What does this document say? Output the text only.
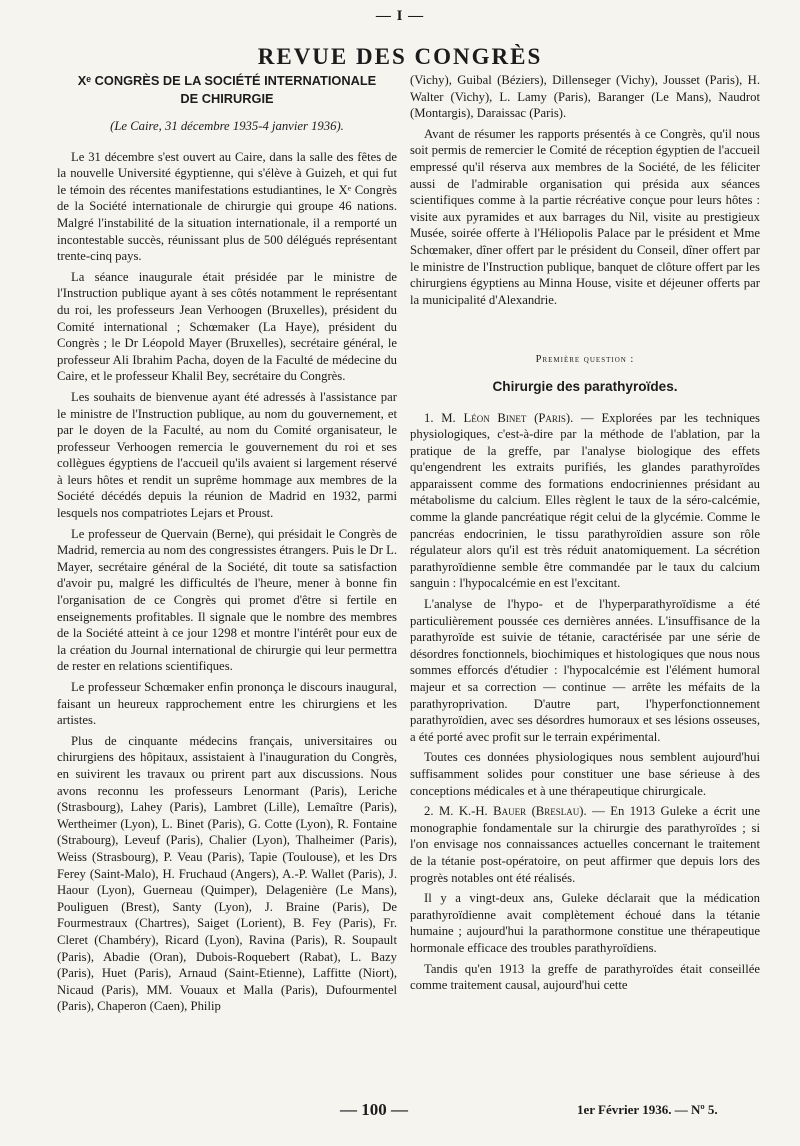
— I —
REVUE DES CONGRÈS
Xᵉ CONGRÈS DE LA SOCIÉTÉ INTERNATIONALE
DE CHIRURGIE
(Le Caire, 31 décembre 1935-4 janvier 1936).

Le 31 décembre s'est ouvert au Caire, dans la salle des fêtes de la nouvelle Université égyptienne, qui s'élève à Guizeh, et qui fut le témoin des récentes manifestations estudiantines, le Xᵉ Congrès de la Société internationale de chirurgie qui groupe 46 nations. Malgré l'instabilité de la situation internationale, il a remporté un incontestable succès, réunissant plus de 500 délégués représentant trente-cinq pays.

La séance inaugurale était présidée par le ministre de l'Instruction publique ayant à ses côtés notamment le représentant du roi, les professeurs Jean Verhoogen (Bruxelles), président du Comité international ; Schœmaker (La Haye), président du Congrès ; le Dr Léopold Mayer (Bruxelles), secrétaire général, le professeur Ali Ibrahim Pacha, doyen de la Faculté de médecine du Caire, et le professeur Khalil Bey, secrétaire du Congrès.

Les souhaits de bienvenue ayant été adressés à l'assistance par le ministre de l'Instruction publique, au nom du gouvernement, et par le doyen de la Faculté, au nom du Comité organisateur, le professeur Verhoogen remercia le gouvernement du roi et ses collègues égyptiens de l'accueil qu'ils avaient si largement réservé à leurs hôtes et rendit un suprême hommage aux membres de la Société décédés depuis la réunion de Madrid en 1932, parmi lesquels nos compatriotes Lejars et Proust.

Le professeur de Quervain (Berne), qui présidait le Congrès de Madrid, remercia au nom des congressistes étrangers. Puis le Dr L. Mayer, secrétaire général de la Société, dit toute sa satisfaction d'avoir pu, malgré les difficultés de l'heure, mener à bonne fin l'organisation de ce Congrès qui promet d'être si fertile en enseignements profitables. Il signale que le nombre des membres de la Société atteint à ce jour 1298 et montre l'intérêt pour eux de la création du Journal international de chirurgie qui leur permettra de rester en relations scientifiques.

Le professeur Schœmaker enfin prononça le discours inaugural, faisant un heureux rapprochement entre les chirurgiens et les artistes.

Plus de cinquante médecins français, universitaires ou chirurgiens des hôpitaux, assistaient à l'inauguration du Congrès, en suivirent les travaux ou prirent part aux discussions. Nous avons reconnu les professeurs Lenormant (Paris), Leriche (Strasbourg), Lahey (Paris), Lambret (Lille), Lemaître (Paris), Wertheimer (Lyon), L. Binet (Paris), G. Cotte (Lyon), R. Fontaine (Strabourg), Leveuf (Paris), Chalier (Lyon), Thalheimer (Paris), Weiss (Strasbourg), P. Veau (Paris), Tapie (Toulouse), et les Drs Ferey (Saint-Malo), H. Fruchaud (Angers), A.-P. Wallet (Paris), J. Haour (Lyon), Guerneau (Quimper), Delagenière (Le Mans), Pouliguen (Brest), Santy (Lyon), J. Braine (Paris), De Fourmestraux (Chartres), Saiget (Lorient), B. Fey (Paris), Fr. Cleret (Chambéry), Ricard (Lyon), Ravina (Paris), R. Soupault (Paris), Abadie (Oran), Dubois-Roquebert (Rabat), L. Bazy (Paris), Huet (Paris), Arnaud (Saint-Etienne), Laffitte (Niort), Nicaud (Paris), MM. Vouaux et Malla (Paris), Dufourmentel (Paris), Chaperon (Caen), Philip

(Vichy), Guibal (Béziers), Dillenseger (Vichy), Jousset (Paris), H. Walter (Vichy), L. Lamy (Paris), Baranger (Le Mans), Naudrot (Montargis), Daraissac (Paris).

Avant de résumer les rapports présentés à ce Congrès, qu'il nous soit permis de remercier le Comité de réception égyptien de l'accueil empressé qu'il réserva aux membres de la Société, de les féliciter aussi de l'admirable organisation qui présida aux séances scientifiques comme à la partie récréative conçue pour leurs hôtes : visite aux pyramides et aux barrages du Nil, visite au prestigieux Musée, soirée offerte à l'Héliopolis Palace par le président et Mme Schœmaker, dîner offert par le président du Conseil, dîner offert par le ministre de l'Instruction publique, banquet de clôture offert par les chirurgiens égyptiens au Minna House, visite et déjeuner offerts par la municipalité d'Alexandrie.

Première question :
Chirurgie des parathyroïdes.

1. M. Léon Binet (Paris). — Explorées par les techniques physiologiques, c'est-à-dire par la méthode de l'ablation, par la pratique de la greffe, par l'analyse biologique des effets qu'engendrent les extraits purifiés, les glandes parathyroïdes apparaissent comme des formations endocriniennes présidant au métabolisme du calcium. Elles règlent le taux de la séro-calcémie, comme la glande pancréatique régit celui de la glycémie. Comme le pancréas endocrinien, le tissu parathyroïdien assure son rôle régulateur alors qu'il est très réduit anatomiquement. La sécrétion parathyroïdienne semble être commandée par le taux du calcium sanguin : l'hypocalcémie en est l'excitant.

L'analyse de l'hypo- et de l'hyperparathyroïdisme a été particulièrement poussée ces dernières années. L'insuffisance de la parathyroïde est suivie de tétanie, caractérisée par une série de désordres fonctionnels, biochimiques et histologiques que nous nous sommes efforcés d'étudier : l'hypocalcémie est l'élément humoral majeur et sa correction — continue — arrête les méfaits de la parathyroprivation. D'autre part, l'hyperfonctionnement parathyroïdien, avec ses désordres humoraux et ses lésions osseuses, a été porté avec profit sur le terrain expérimental.

Toutes ces données physiologiques nous semblent aujourd'hui suffisamment solides pour constituer une base sérieuse à des conceptions médicales et à une thérapeutique chirurgicale.

2. M. K.-H. Bauer (Breslau). — En 1913 Guleke a écrit une monographie fondamentale sur la chirurgie des parathyroïdes ; si l'on envisage nos connaissances actuelles concernant le traitement de la tétanie post-opératoire, on peut affirmer que depuis lors des progrès notables ont été réalisés.

Il y a vingt-deux ans, Guleke déclarait que la médication parathyroïdienne avait complètement échoué dans la tétanie humaine ; aujourd'hui la parathormone constitue une thérapeutique hormonale efficace des troubles parathyroïdiens.

Tandis qu'en 1913 la greffe de parathyroïdes était conseillée comme traitement causal, aujourd'hui cette

— 100 —	1er Février 1936. — Nº 5.
